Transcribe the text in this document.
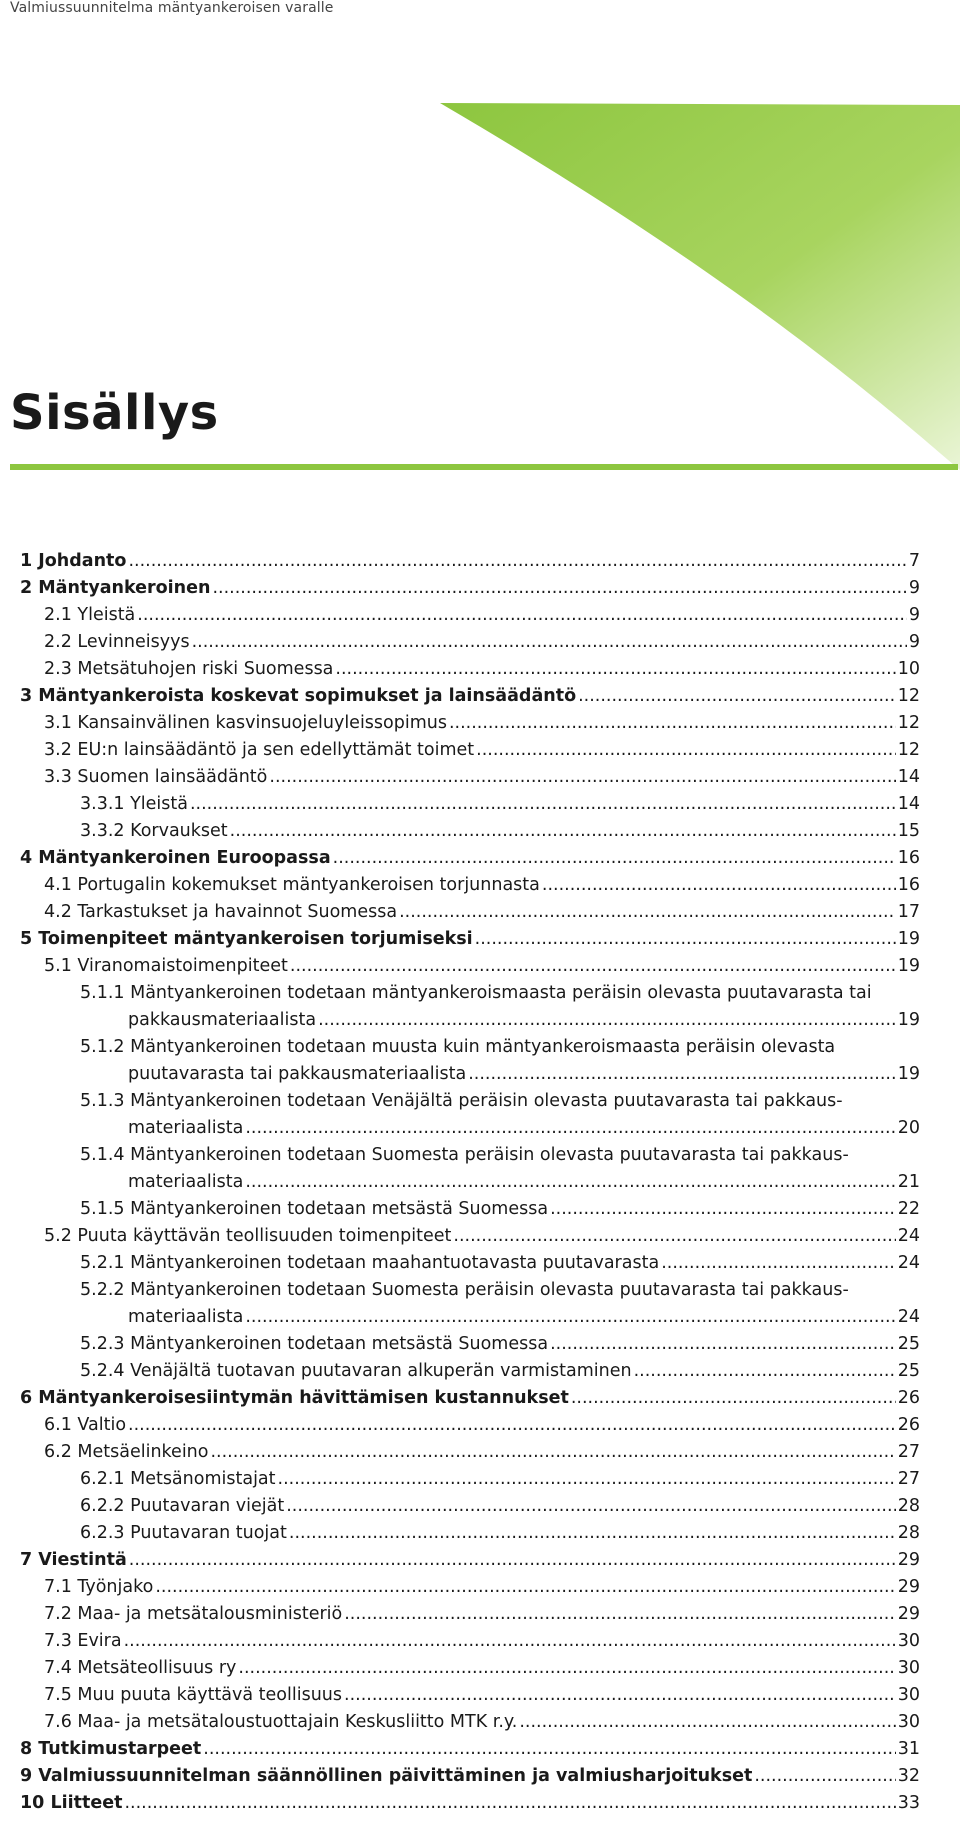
Valmiussuunnitelma mäntyankeroisen varalle
Sisällys
1 Johdanto .....	7
2 Mäntyankeroinen .....	9
2.1 Yleistä .....	9
2.2 Levinneisyys .....	9
2.3 Metsätuhojen riski Suomessa .....	10
3 Mäntyankeroista koskevat sopimukset ja lainsäädäntö .....	12
3.1 Kansainvälinen kasvinsuojeluyleissopimus .....	12
3.2 EU:n lainsäädäntö ja sen edellyttämät toimet .....	12
3.3 Suomen lainsäädäntö .....	14
3.3.1 Yleistä .....	14
3.3.2 Korvaukset .....	15
4 Mäntyankeroinen Euroopassa .....	16
4.1 Portugalin kokemukset mäntyankeroisen torjunnasta .....	16
4.2 Tarkastukset ja havainnot Suomessa .....	17
5 Toimenpiteet mäntyankeroisen torjumiseksi .....	19
5.1 Viranomaistoimenpiteet .....	19
5.1.1 Mäntyankeroinen todetaan mäntyankeroismaasta peräisin olevasta puutavarasta tai
pakkausmateriaalista .....	19
5.1.2 Mäntyankeroinen todetaan muusta kuin mäntyankeroismaasta peräisin olevasta
puutavarasta tai pakkausmateriaalista .....	19
5.1.3 Mäntyankeroinen todetaan Venäjältä peräisin olevasta puutavarasta tai pakkaus-
materiaalista .....	20
5.1.4 Mäntyankeroinen todetaan Suomesta peräisin olevasta puutavarasta tai pakkaus-
materiaalista .....	21
5.1.5 Mäntyankeroinen todetaan metsästä Suomessa .....	22
5.2 Puuta käyttävän teollisuuden toimenpiteet .....	24
5.2.1 Mäntyankeroinen todetaan maahantuotavasta puutavarasta .....	24
5.2.2 Mäntyankeroinen todetaan Suomesta peräisin olevasta puutavarasta tai pakkaus-
materiaalista .....	24
5.2.3 Mäntyankeroinen todetaan metsästä Suomessa .....	25
5.2.4 Venäjältä tuotavan puutavaran alkuperän varmistaminen .....	25
6 Mäntyankeroisesiintymän hävittämisen kustannukset .....	26
6.1 Valtio .....	26
6.2 Metsäelinkeino .....	27
6.2.1 Metsänomistajat .....	27
6.2.2 Puutavaran viejät .....	28
6.2.3 Puutavaran tuojat .....	28
7 Viestintä .....	29
7.1 Työnjako .....	29
7.2 Maa- ja metsätalousministeriö .....	29
7.3 Evira .....	30
7.4 Metsäteollisuus ry .....	30
7.5 Muu puuta käyttävä teollisuus .....	30
7.6 Maa- ja metsätaloustuottajain Keskusliitto MTK r.y. .....	30
8 Tutkimustarpeet .....	31
9 Valmiussuunnitelman säännöllinen päivittäminen ja valmiusharjoitukset .....	32
10 Liitteet .....	33
